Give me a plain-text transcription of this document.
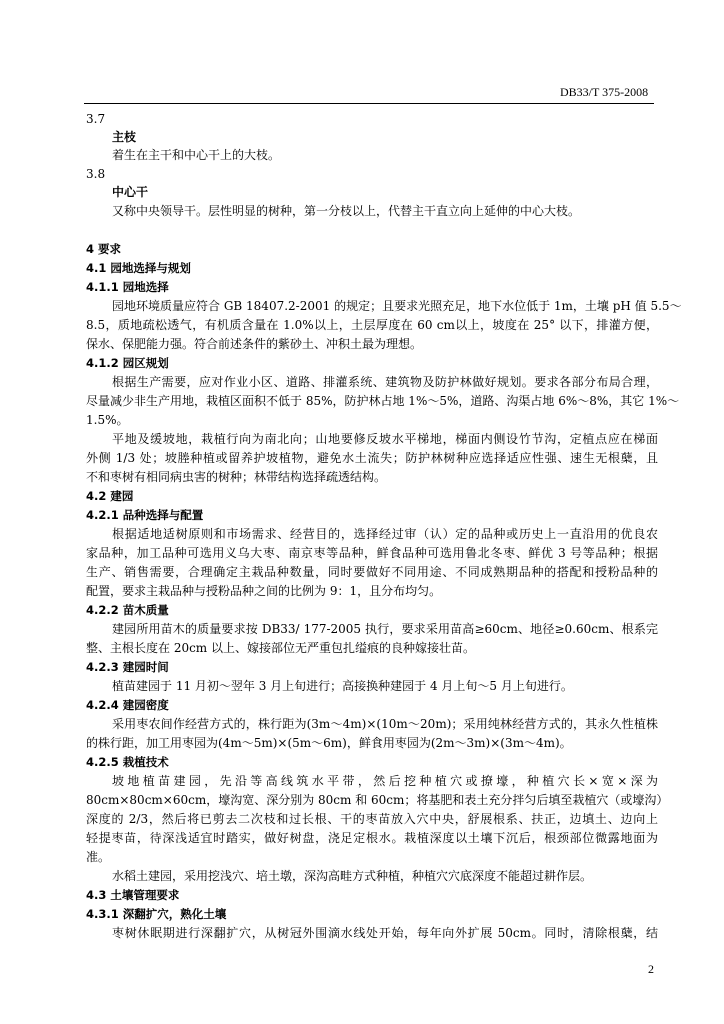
DB33/T 375-2008
3.7
主枝
着生在主干和中心干上的大枝。
3.8
中心干
又称中央领导干。层性明显的树种，第一分枝以上，代替主干直立向上延伸的中心大枝。
4 要求
4.1 园地选择与规划
4.1.1 园地选择
园地环境质量应符合 GB 18407.2-2001 的规定；且要求光照充足，地下水位低于 1m，土壤 pH 值 5.5～
8.5，质地疏松透气，有机质含量在 1.0%以上，土层厚度在 60 cm以上，坡度在 25° 以下，排灌方便，
保水、保肥能力强。符合前述条件的紫砂土、冲积土最为理想。
4.1.2 园区规划
根据生产需要，应对作业小区、道路、排灌系统、建筑物及防护林做好规划。要求各部分布局合理，
尽量减少非生产用地，栽植区面积不低于 85%，防护林占地 1%～5%，道路、沟渠占地 6%～8%，其它 1%～
1.5%。
平地及缓坡地，栽植行向为南北向；山地要修反坡水平梯地，梯面内侧设竹节沟，定植点应在梯面
外侧 1/3 处；坡塍种植或留养护坡植物，避免水土流失；防护林树种应选择适应性强、速生无根蘖，且
不和枣树有相同病虫害的树种；林带结构选择疏透结构。
4.2 建园
4.2.1 品种选择与配置
根据适地适树原则和市场需求、经营目的，选择经过审（认）定的品种或历史上一直沿用的优良农
家品种，加工品种可选用义乌大枣、南京枣等品种，鲜食品种可选用鲁北冬枣、鲜优 3 号等品种；根据
生产、销售需要，合理确定主栽品种数量，同时要做好不同用途、不同成熟期品种的搭配和授粉品种的
配置，要求主栽品种与授粉品种之间的比例为 9：1，且分布均匀。
4.2.2 苗木质量
建园所用苗木的质量要求按 DB33/ 177-2005 执行，要求采用苗高≥60cm、地径≥0.60cm、根系完
整、主根长度在 20cm 以上、嫁接部位无严重包扎缢痕的良种嫁接壮苗。
4.2.3 建园时间
植苗建园于 11 月初～翌年 3 月上旬进行；高接换种建园于 4 月上旬～5 月上旬进行。
4.2.4 建园密度
采用枣农间作经营方式的，株行距为(3m～4m)×(10m～20m)；采用纯林经营方式的，其永久性植株
的株行距，加工用枣园为(4m～5m)×(5m～6m)，鲜食用枣园为(2m～3m)×(3m～4m)。
4.2.5 栽植技术
坡地植苗建园，先沿等高线筑水平带，然后挖种植穴或撩壕，种植穴长×宽×深为
80cm×80cm×60cm，壕沟宽、深分别为 80cm 和 60cm；将基肥和表土充分拌匀后填至栽植穴（或壕沟）
深度的 2/3，然后将已剪去二次枝和过长根、干的枣苗放入穴中央，舒展根系、扶正，边填土、边向上
轻提枣苗，待深浅适宜时踏实，做好树盘，浇足定根水。栽植深度以土壤下沉后，根颈部位微露地面为
准。
水稻土建园，采用挖浅穴、培土墩，深沟高畦方式种植，种植穴穴底深度不能超过耕作层。
4.3 土壤管理要求
4.3.1 深翻扩穴，熟化土壤
枣树休眠期进行深翻扩穴，从树冠外围滴水线处开始，每年向外扩展 50cm。同时，清除根蘖，结
2
